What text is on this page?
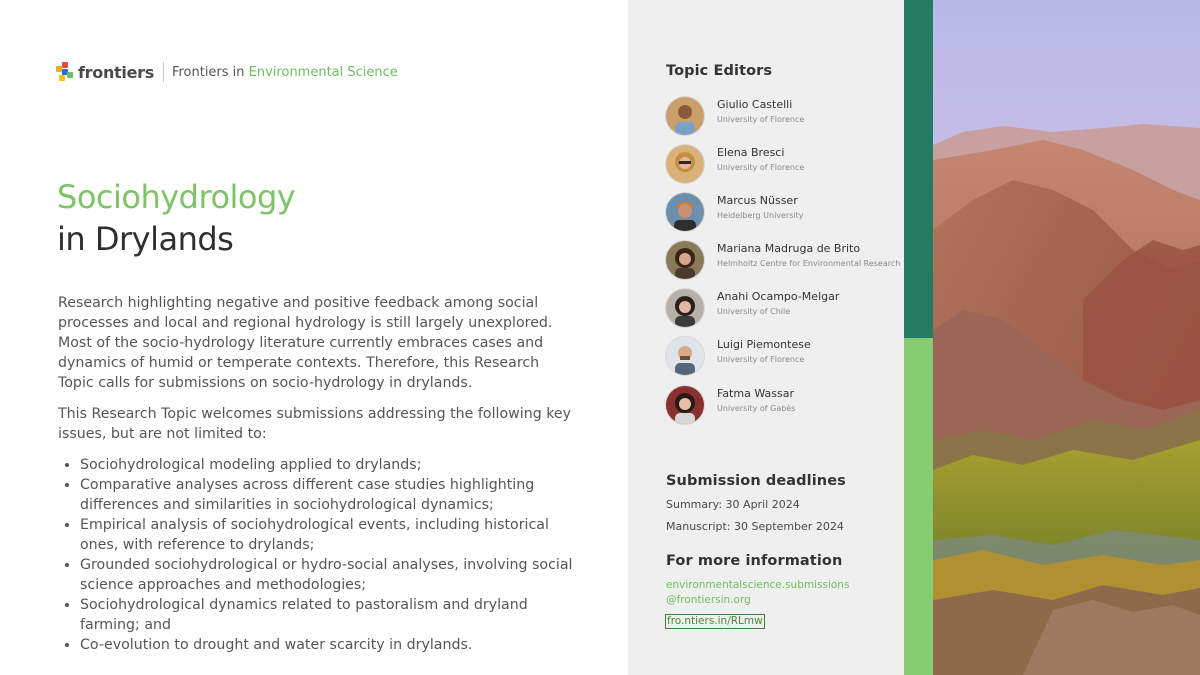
frontiers Frontiers in Environmental Science
Sociohydrology
in Drylands

Research highlighting negative and positive feedback among social processes and local and regional hydrology is still largely unexplored. Most of the socio-hydrology literature currently embraces cases and dynamics of humid or temperate contexts. Therefore, this Research Topic calls for submissions on socio-hydrology in drylands.

This Research Topic welcomes submissions addressing the following key issues, but are not limited to:

• Sociohydrological modeling applied to drylands;
• Comparative analyses across different case studies highlighting differences and similarities in sociohydrological dynamics;
• Empirical analysis of sociohydrological events, including historical ones, with reference to drylands;
• Grounded sociohydrological or hydro-social analyses, involving social science approaches and methodologies;
• Sociohydrological dynamics related to pastoralism and dryland farming; and
• Co-evolution to drought and water scarcity in drylands.
Topic Editors
Giulio Castelli
University of Florence
Elena Bresci
University of Florence
Marcus Nüsser
Heidelberg University
Mariana Madruga de Brito
Helmholtz Centre for Environmental Research
Anahi Ocampo-Melgar
University of Chile
Luigi Piemontese
University of Florence
Fatma Wassar
University of Gabès
Submission deadlines
Summary: 30 April 2024
Manuscript: 30 September 2024
For more information
environmentalscience.submissions
@frontiersin.org
fro.ntiers.in/RLmw
